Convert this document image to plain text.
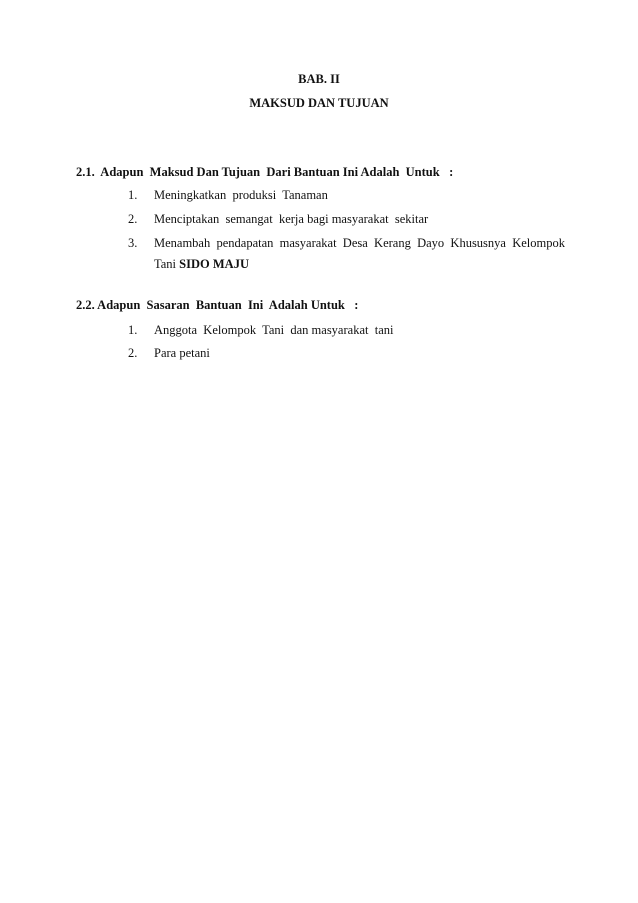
BAB. II
MAKSUD DAN TUJUAN
2.1.  Adapun  Maksud Dan Tujuan  Dari Bantuan Ini Adalah  Untuk   :
1. Meningkatkan  produksi  Tanaman
2. Menciptakan  semangat  kerja bagi masyarakat  sekitar
3. Menambah  pendapatan  masyarakat  Desa  Kerang  Dayo  Khususnya  Kelompok
Tani SIDO MAJU
2.2. Adapun  Sasaran  Bantuan  Ini  Adalah Untuk   :
1. Anggota  Kelompok  Tani  dan masyarakat  tani
2. Para petani
